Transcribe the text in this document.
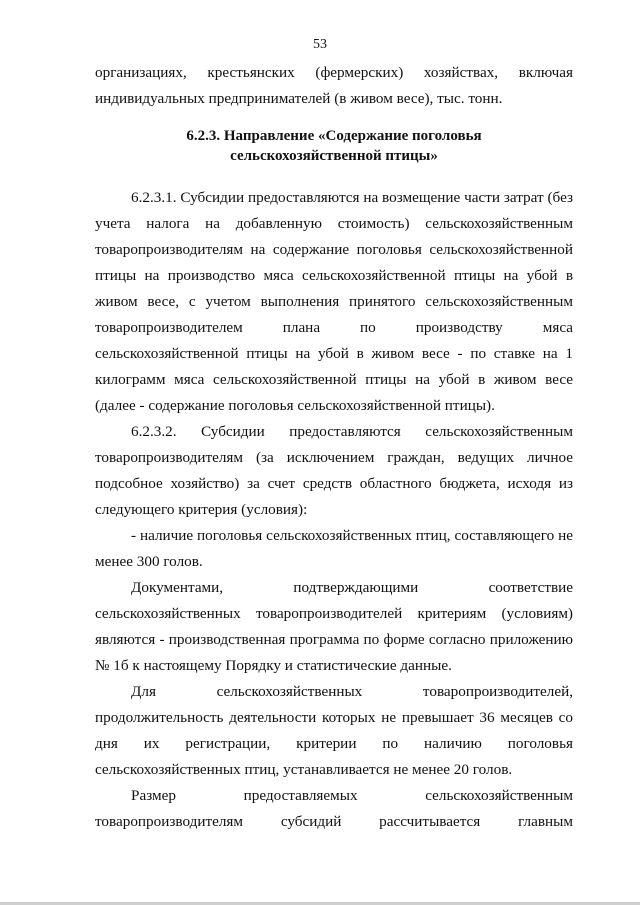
53
организациях, крестьянских (фермерских) хозяйствах, включая

индивидуальных предпринимателей (в живом весе), тыс. тонн.

6.2.3. Направление «Содержание поголовья
сельскохозяйственной птицы»

6.2.3.1. Субсидии предоставляются на возмещение части затрат (без учета налога на добавленную стоимость) сельскохозяйственным товаропроизводителям на содержание поголовья сельскохозяйственной птицы на производство мяса сельскохозяйственной птицы на убой в живом весе, с учетом выполнения принятого сельскохозяйственным товаропроизводителем плана по производству мяса сельскохозяйственной птицы на убой в живом весе - по ставке на 1 килограмм мяса сельскохозяйственной птицы на убой в живом весе (далее - содержание поголовья сельскохозяйственной птицы).

6.2.3.2. Субсидии предоставляются сельскохозяйственным товаропроизводителям (за исключением граждан, ведущих личное подсобное хозяйство) за счет средств областного бюджета, исходя из следующего критерия (условия):

- наличие поголовья сельскохозяйственных птиц, составляющего не менее 300 голов.

Документами, подтверждающими соответствие сельскохозяйственных товаропроизводителей критериям (условиям) являются - производственная программа по форме согласно приложению № 1б к настоящему Порядку и статистические данные.

Для сельскохозяйственных товаропроизводителей, продолжительность деятельности которых не превышает 36 месяцев со дня их регистрации, критерии по наличию поголовья сельскохозяйственных птиц, устанавливается не менее 20 голов.

Размер	предоставляемых	сельскохозяйственным
товаропроизводителям субсидий рассчитывается главным
